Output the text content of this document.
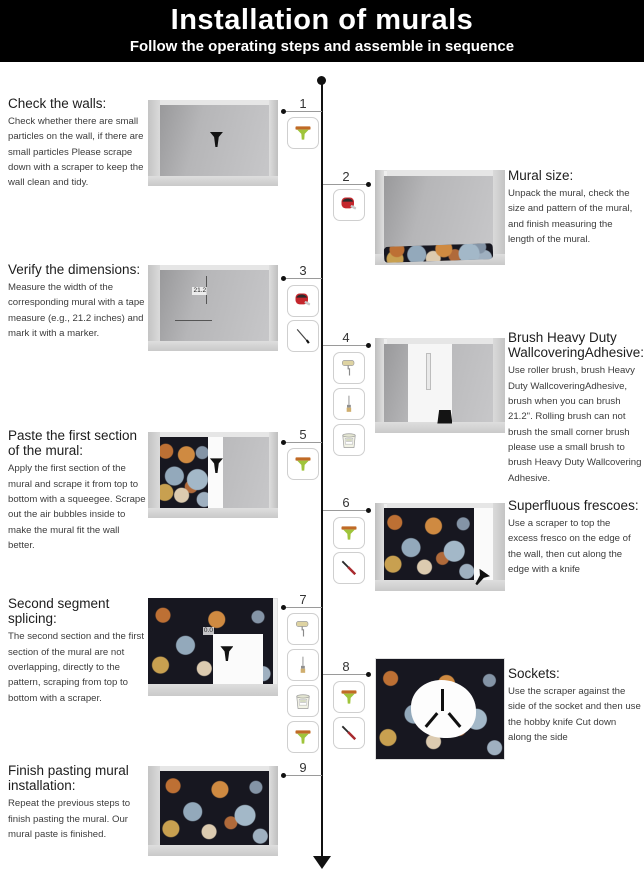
Installation of murals
Follow the operating steps and assemble in sequence
Check the walls:

Check whether there are small particles on the wall, if there are small particles Please scrape down with a scraper to keep the wall clean and tidy.

1
2	Mural size:

Unpack the mural, check the size and pattern of the mural, and finish measuring the length of the mural.

Verify the dimensions:

Measure the width of the corresponding mural with a tape measure (e.g., 21.2 inches) and mark it with a marker.

21.2
3
4	Brush Heavy Duty WallcoveringAdhesive:

Use roller brush, brush Heavy Duty WallcoveringAdhesive, brush when you can brush 21.2". Rolling brush can not brush the small corner brush please use a small brush to brush Heavy Duty Wallcovering Adhesive.

Paste the first section of the mural:

Apply the first section of the mural and scrape it from top to bottom with a squeegee. Scrape out the air bubbles inside to make the mural fit the wall better.

5
6	Superfluous frescoes:

Use a scraper to top the excess fresco on the edge of the wall, then cut along the edge with a knife

Second segment splicing:

The second section and the first section of the mural are not overlapping, directly to the pattern, scraping from top to bottom with a scraper.

0.0
7
8	Sockets:

Use the scraper against the side of the socket and then use the hobby knife Cut down along the side

Finish pasting mural installation:

Repeat the previous steps to finish pasting the mural. Our mural paste is finished.

9
